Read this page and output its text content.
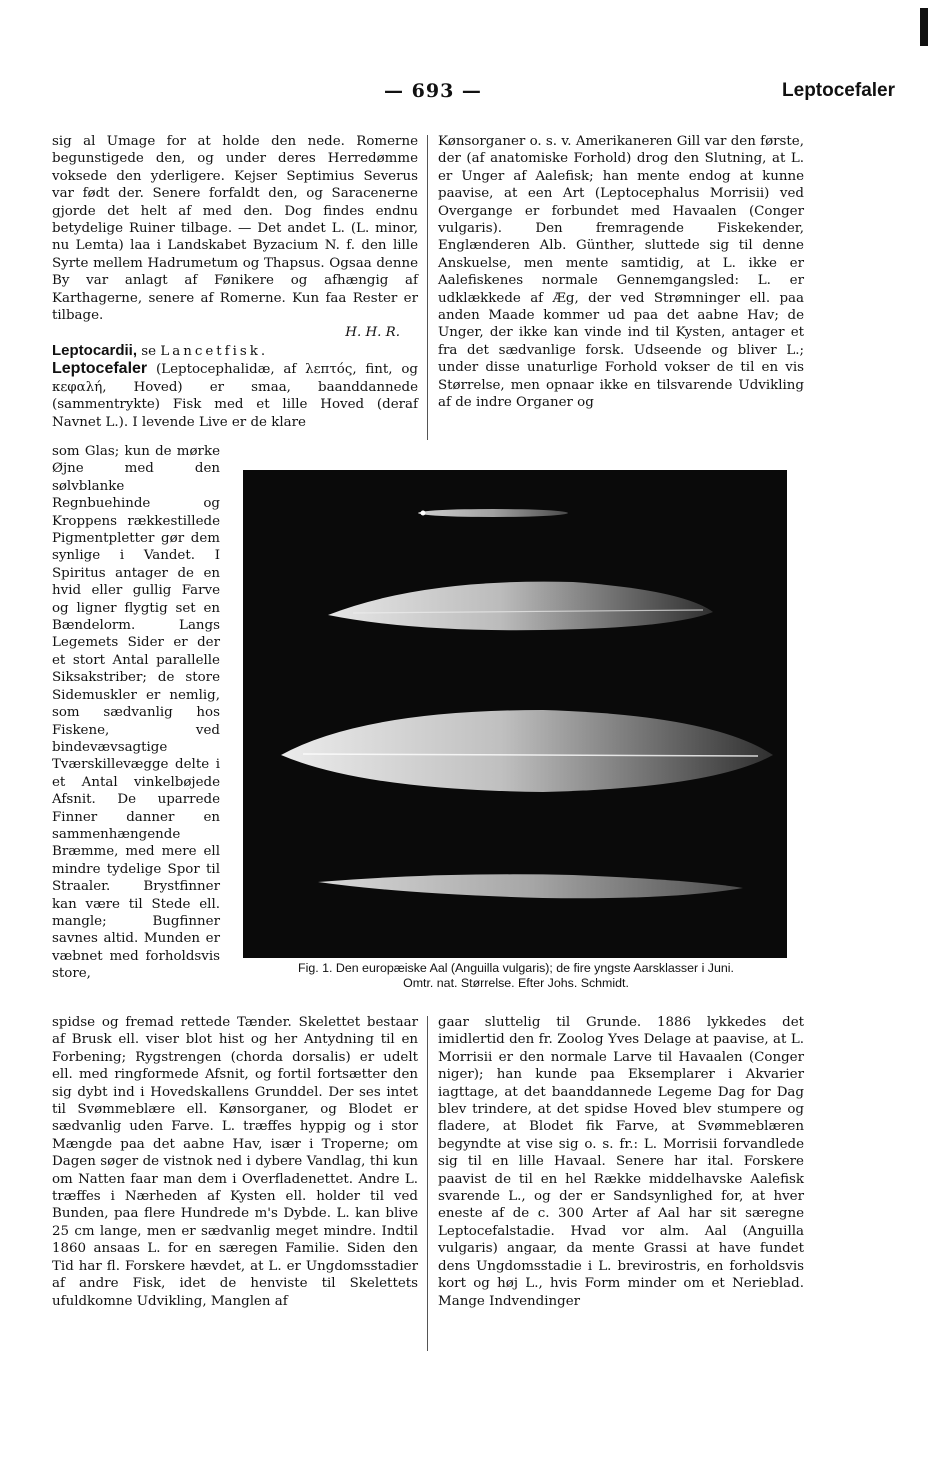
— 693 —	Leptocefaler

sig al Umage for at holde den nede. Romerne begunstigede den, og under deres Herredømme voksede den yderligere. Kejser Septimius Severus var født der. Senere forfaldt den, og Saracenerne gjorde det helt af med den. Dog findes endnu betydelige Ruiner tilbage. — Det andet L. (L. minor, nu Lemta) laa i Landskabet Byzacium N. f. den lille Syrte mellem Hadrumetum og Thapsus. Ogsaa denne By var anlagt af Fønikere og afhængig af Karthagerne, senere af Romerne. Kun faa Rester er tilbage.

H. H. R.

Leptocardii, se Lancetfisk.

Leptocefaler (Leptocephalidæ, af λεπτός, fint, og κεφαλή, Hoved) er smaa, baanddannede (sammentrykte) Fisk med et lille Hoved (deraf Navnet L.). I levende Live er de klare

som Glas; kun de mørke Øjne med den sølvblanke Regnbuehinde og Kroppens rækkestillede Pigmentpletter gør dem synlige i Vandet. I Spiritus antager de en hvid eller gullig Farve og ligner flygtig set en Bændelorm. Langs Legemets Sider er der et stort Antal parallelle Siksakstriber; de store Sidemuskler er nemlig, som sædvanlig hos Fiskene, ved bindevævsagtige Tværskillevægge delte i et Antal vinkelbøjede Afsnit. De uparrede Finner danner en sammenhængende Bræmme, med mere ell mindre tydelige Spor til Straaler. Brystfinner kan være til Stede ell. mangle; Bugfinner savnes altid. Munden er væbnet med forholdsvis store,
spidse og fremad rettede Tænder. Skelettet bestaar af Brusk ell. viser blot hist og her Antydning til en Forbening; Rygstrengen (chorda dorsalis) er udelt ell. med ringformede Afsnit, og fortil fortsætter den sig dybt ind i Hovedskallens Grunddel. Der ses intet til Svømmeblære ell. Kønsorganer, og Blodet er sædvanlig uden Farve. L. træffes hyppig og i stor Mængde paa det aabne Hav, især i Troperne; om Dagen søger de vistnok ned i dybere Vandlag, thi kun om Natten faar man dem i Overfladenettet. Andre L. træffes i Nærheden af Kysten ell. holder til ved Bunden, paa flere Hundrede m's Dybde. L. kan blive 25 cm lange, men er sædvanlig meget mindre. Indtil 1860 ansaas L. for en særegen Familie. Siden den Tid har fl. Forskere hævdet, at L. er Ungdomsstadier af andre Fisk, idet de henviste til Skelettets ufuldkomne Udvikling, Manglen af
Kønsorganer o. s. v. Amerikaneren Gill var den første, der (af anatomiske Forhold) drog den Slutning, at L. er Unger af Aalefisk; han mente endog at kunne paavise, at een Art (Leptocephalus Morrisii) ved Overgange er forbundet med Havaalen (Conger vulgaris). Den fremragende Fiskekender, Englænderen Alb. Günther, sluttede sig til denne Anskuelse, men mente samtidig, at L. ikke er Aalefiskenes normale Gennemgangsled: L. er udklækkede af Æg, der ved Strømninger ell. paa anden Maade kommer ud paa det aabne Hav; de Unger, der ikke kan vinde ind til Kysten, antager et fra det sædvanlige forsk. Udseende og bliver L.; under disse unaturlige Forhold vokser de til en vis Størrelse, men opnaar ikke en tilsvarende Udvikling af de indre Organer og
Fig. 1. Den europæiske Aal (Anguilla vulgaris); de fire yngste Aarsklasser i Juni.
Omtr. nat. Størrelse. Efter Johs. Schmidt.
gaar sluttelig til Grunde. 1886 lykkedes det imidlertid den fr. Zoolog Yves Delage at paavise, at L. Morrisii er den normale Larve til Havaalen (Conger niger); han kunde paa Eksemplarer i Akvarier iagttage, at det baanddannede Legeme Dag for Dag blev trindere, at det spidse Hoved blev stumpere og fladere, at Blodet fik Farve, at Svømmeblæren begyndte at vise sig o. s. fr.: L. Morrisii forvandlede sig til en lille Havaal. Senere har ital. Forskere paavist de til en hel Række middelhavske Aalefisk svarende L., og der er Sandsynlighed for, at hver eneste af de c. 300 Arter af Aal har sit særegne Leptocefalstadie. Hvad vor alm. Aal (Anguilla vulgaris) angaar, da mente Grassi at have fundet dens Ungdomsstadie i L. brevirostris, en forholdsvis kort og høj L., hvis Form minder om et Nerieblad. Mange Indvendinger
